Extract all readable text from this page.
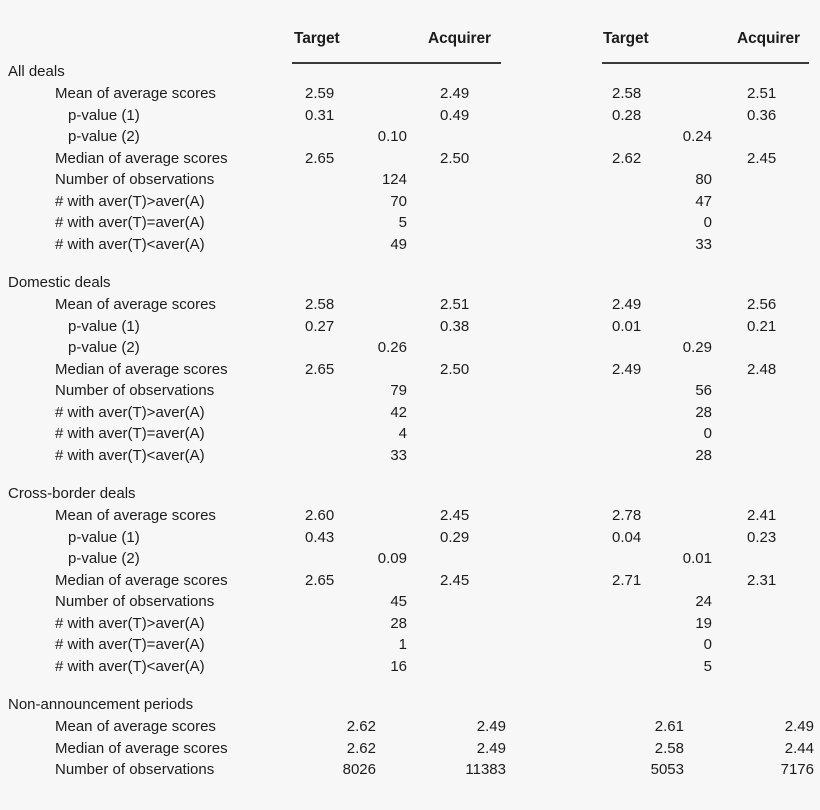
Target	Acquirer	Target	Acquirer
All deals
Mean of average scores	2.59	2.49	2.58	2.51
p-value (1)	0.31	0.49	0.28	0.36
p-value (2)	0.10	0.24
Median of average scores	2.65	2.50	2.62	2.45
Number of observations	124	80
# with aver(T)>aver(A)	70	47
# with aver(T)=aver(A)	5	0
# with aver(T)<aver(A)	49	33
Domestic deals
Mean of average scores	2.58	2.51	2.49	2.56
p-value (1)	0.27	0.38	0.01	0.21
p-value (2)	0.26	0.29
Median of average scores	2.65	2.50	2.49	2.48
Number of observations	79	56
# with aver(T)>aver(A)	42	28
# with aver(T)=aver(A)	4	0
# with aver(T)<aver(A)	33	28
Cross-border deals
Mean of average scores	2.60	2.45	2.78	2.41
p-value (1)	0.43	0.29	0.04	0.23
p-value (2)	0.09	0.01
Median of average scores	2.65	2.45	2.71	2.31
Number of observations	45	24
# with aver(T)>aver(A)	28	19
# with aver(T)=aver(A)	1	0
# with aver(T)<aver(A)	16	5
Non-announcement periods
Mean of average scores	2.62	2.49	2.61	2.49
Median of average scores	2.62	2.49	2.58	2.44
Number of observations	8026	11383	5053	7176
